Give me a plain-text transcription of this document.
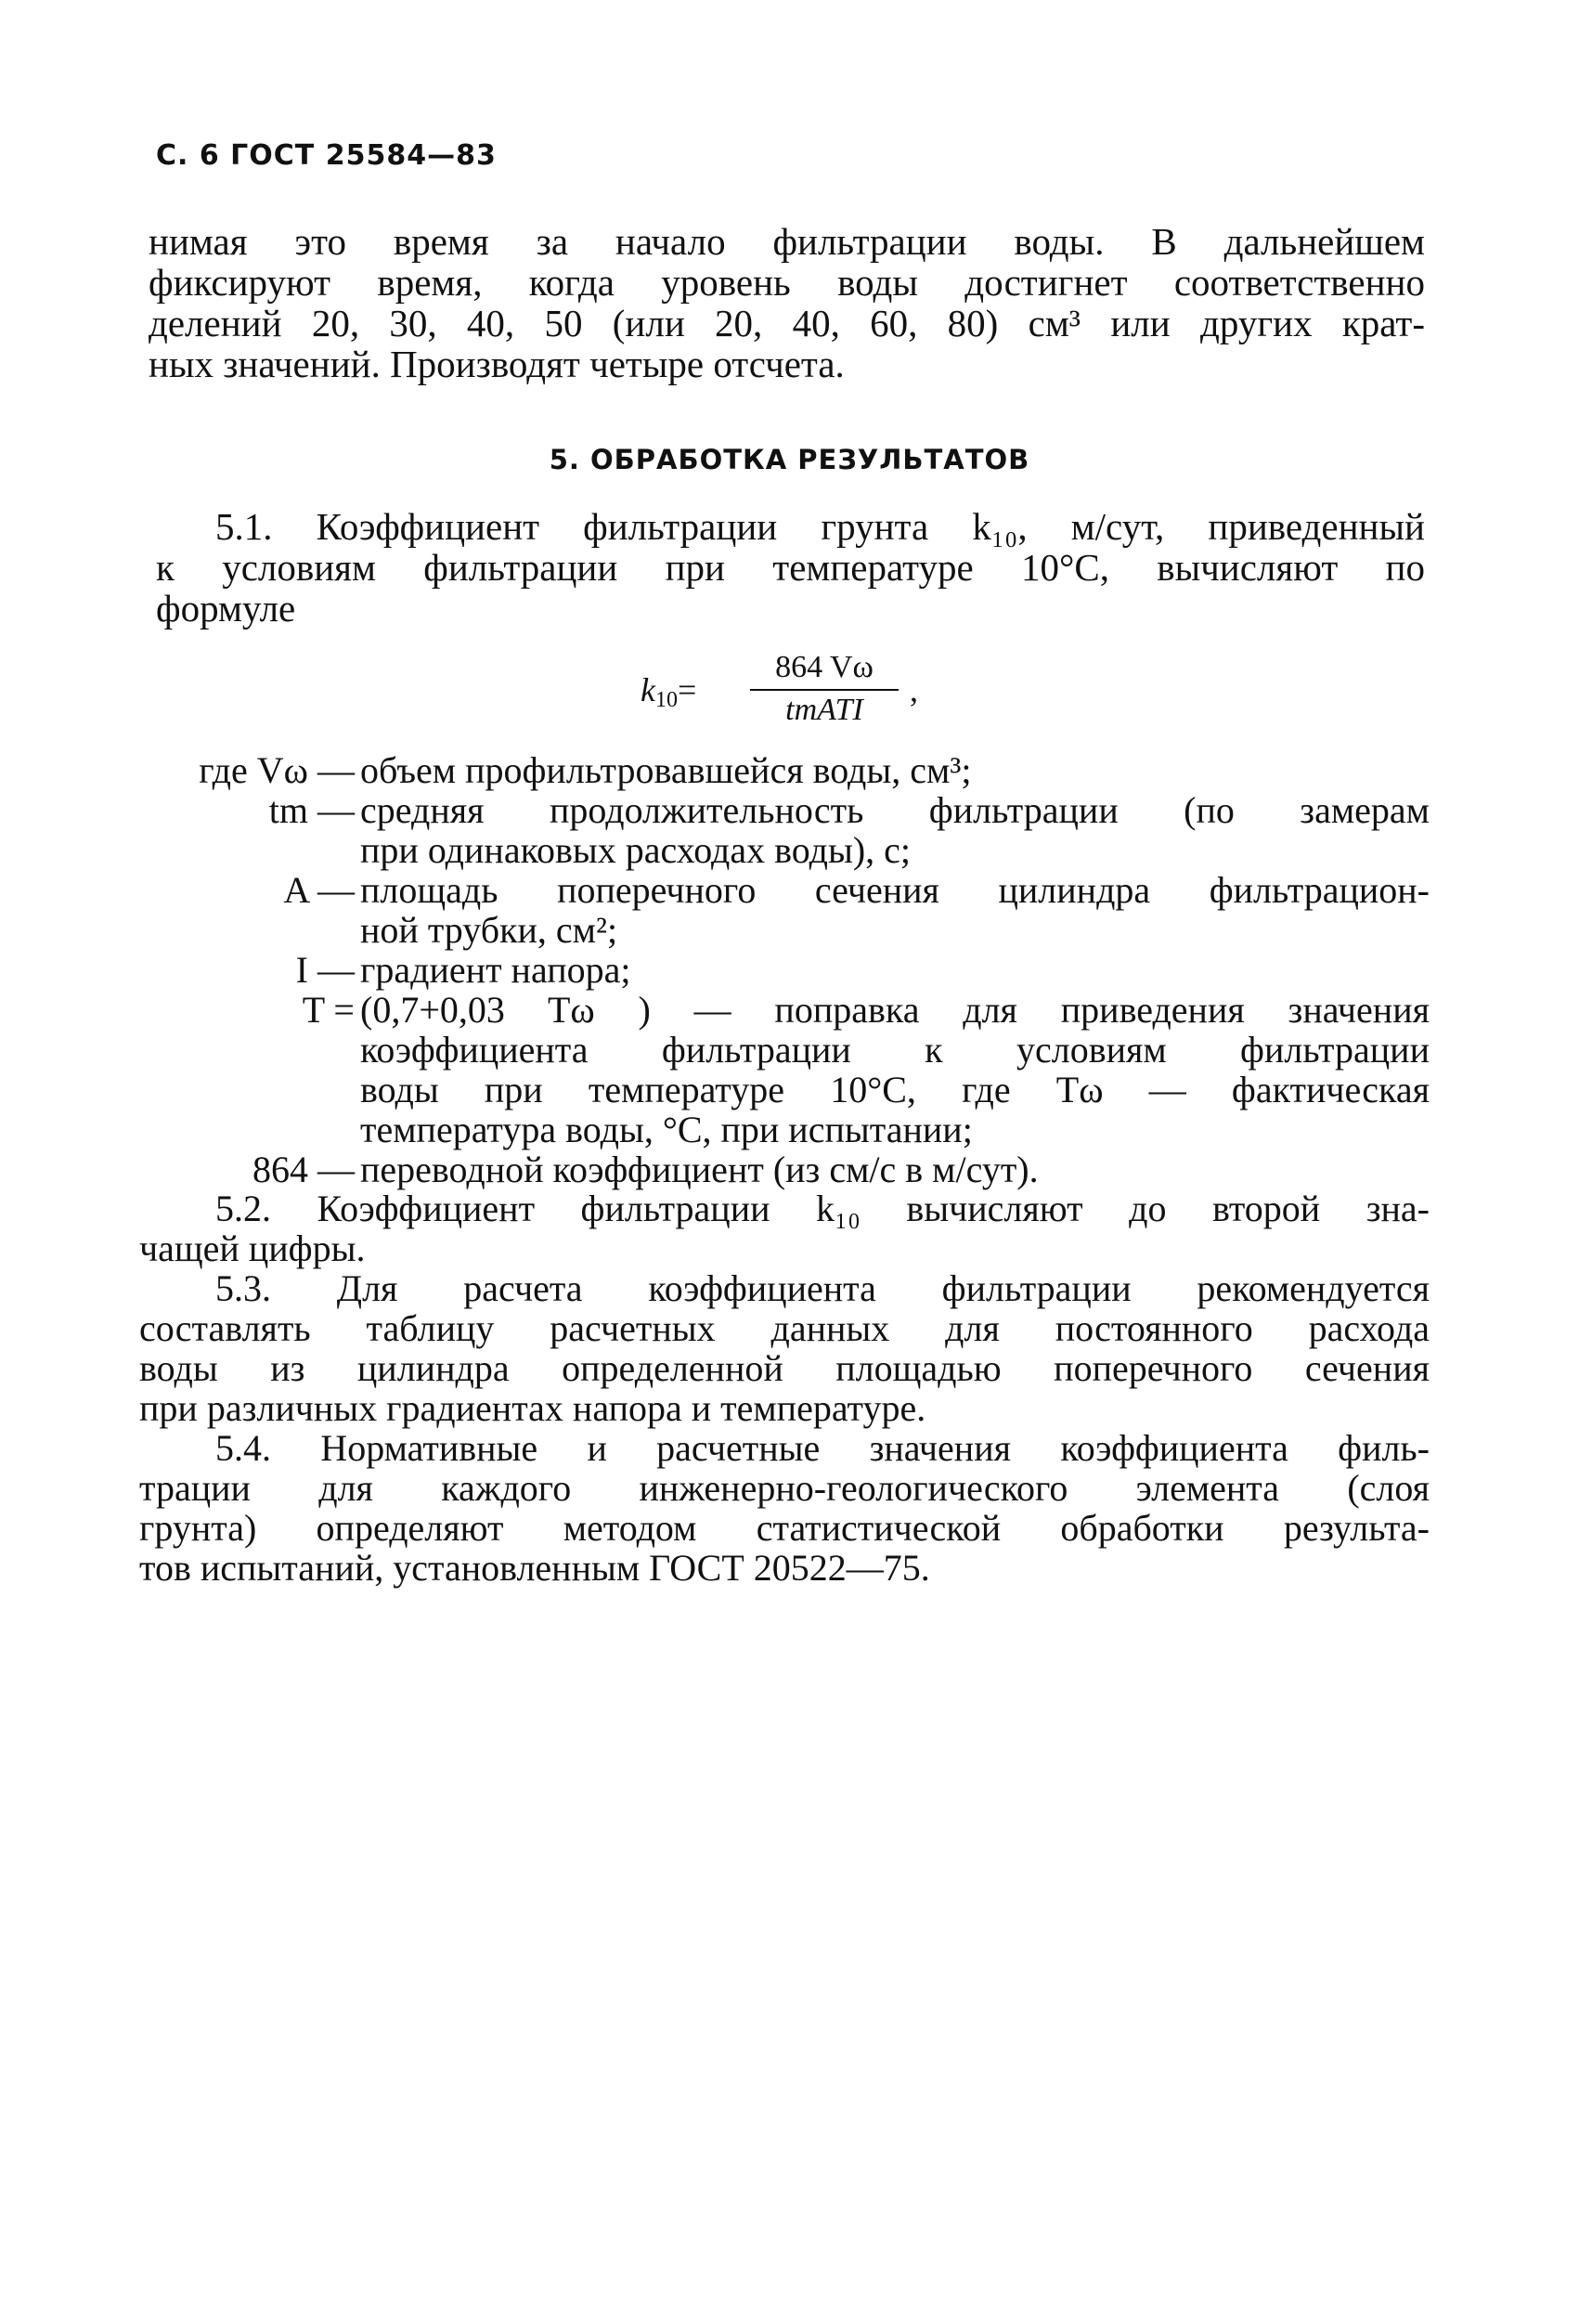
С. 6 ГОСТ 25584—83
нимая это время за начало фильтрации воды. В дальнейшем
фиксируют время, когда уровень воды достигнет соответственно
делений 20, 30, 40, 50 (или 20, 40, 60, 80) см³ или других крат-
ных значений. Производят четыре отсчета.
5. ОБРАБОТКА РЕЗУЛЬТАТОВ
5.1. Коэффициент фильтрации грунта k₁₀, м/сут, приведенный
к условиям фильтрации при температуре 10°С, вычисляют по
формуле
$k_{10}=$
864 Vω
tmATI
,
где Vω — объем профильтровавшейся воды, см³;
tm — средняя продолжительность фильтрации (по замерам
при одинаковых расходах воды), с;
A — площадь поперечного сечения цилиндра фильтрацион-
ной трубки, см²;
I — градиент напора;
T = (0,7+0,03 Tω ) — поправка для приведения значения
коэффициента фильтрации к условиям фильтрации
воды при температуре 10°С, где Tω — фактическая
температура воды, °С, при испытании;
864 — переводной коэффициент (из см/с в м/сут).
5.2. Коэффициент фильтрации k₁₀ вычисляют до второй зна-
чащей цифры.
5.3. Для расчета коэффициента фильтрации рекомендуется
составлять таблицу расчетных данных для постоянного расхода
воды из цилиндра определенной площадью поперечного сечения
при различных градиентах напора и температуре.
5.4. Нормативные и расчетные значения коэффициента филь-
трации для каждого инженерно-геологического элемента (слоя
грунта) определяют методом статистической обработки результа-
тов испытаний, установленным ГОСТ 20522—75.
